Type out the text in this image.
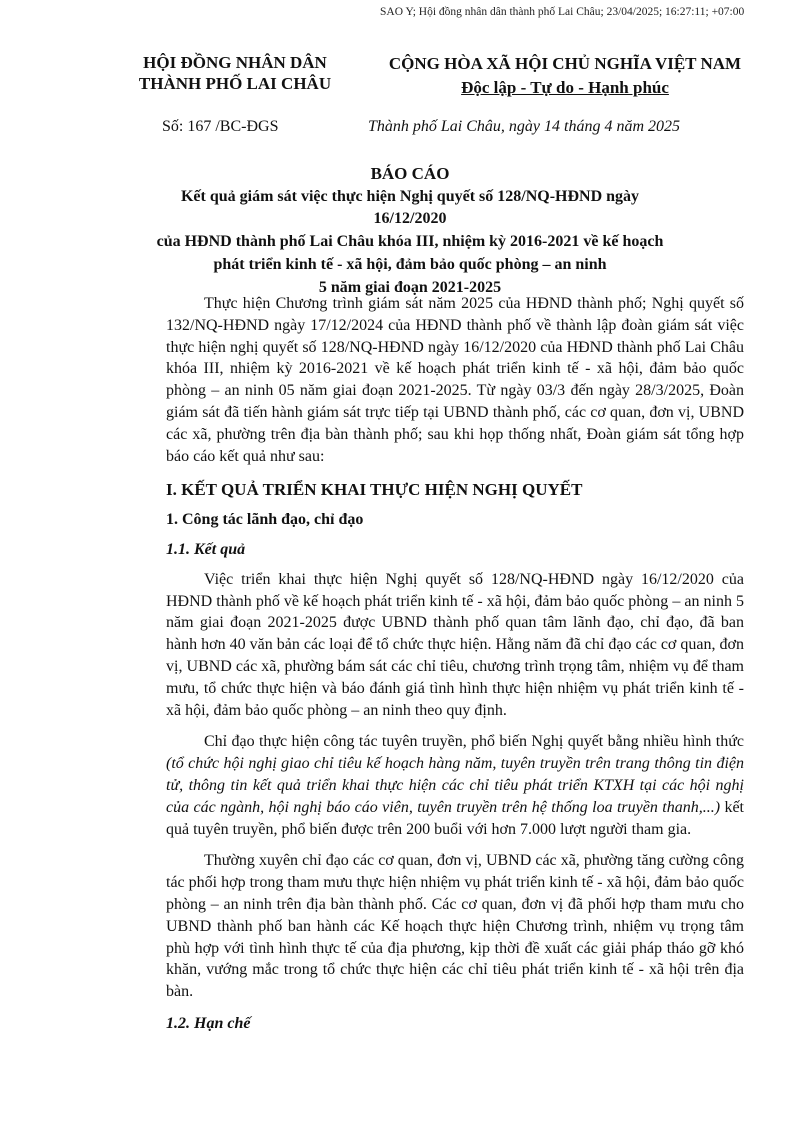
SAO Y; Hội đồng nhân dân thành phố Lai Châu; 23/04/2025; 16:27:11; +07:00
HỘI ĐỒNG NHÂN DÂN
THÀNH PHỐ LAI CHÂU
CỘNG HÒA XÃ HỘI CHỦ NGHĨA VIỆT NAM
Độc lập - Tự do - Hạnh phúc
Số: 167 /BC-ĐGS	Thành phố Lai Châu, ngày 14 tháng 4 năm 2025
BÁO CÁO
Kết quả giám sát việc thực hiện Nghị quyết số 128/NQ-HĐND ngày 16/12/2020
của HĐND thành phố Lai Châu khóa III, nhiệm kỳ 2016-2021 về kế hoạch
phát triển kinh tế - xã hội, đảm bảo quốc phòng – an ninh
5 năm giai đoạn 2021-2025

Thực hiện Chương trình giám sát năm 2025 của HĐND thành phố; Nghị quyết số 132/NQ-HĐND ngày 17/12/2024 của HĐND thành phố về thành lập đoàn giám sát việc thực hiện nghị quyết số 128/NQ-HĐND ngày 16/12/2020 của HĐND thành phố Lai Châu khóa III, nhiệm kỳ 2016-2021 về kế hoạch phát triển kinh tế - xã hội, đảm bảo quốc phòng – an ninh 05 năm giai đoạn 2021-2025. Từ ngày 03/3 đến ngày 28/3/2025, Đoàn giám sát đã tiến hành giám sát trực tiếp tại UBND thành phố, các cơ quan, đơn vị, UBND các xã, phường trên địa bàn thành phố; sau khi họp thống nhất, Đoàn giám sát tổng hợp báo cáo kết quả như sau:

I. KẾT QUẢ TRIỂN KHAI THỰC HIỆN NGHỊ QUYẾT
1. Công tác lãnh đạo, chỉ đạo
1.1. Kết quả

Việc triển khai thực hiện Nghị quyết số 128/NQ-HĐND ngày 16/12/2020 của HĐND thành phố về kế hoạch phát triển kinh tế - xã hội, đảm bảo quốc phòng – an ninh 5 năm giai đoạn 2021-2025 được UBND thành phố quan tâm lãnh đạo, chỉ đạo, đã ban hành hơn 40 văn bản các loại để tổ chức thực hiện. Hằng năm đã chỉ đạo các cơ quan, đơn vị, UBND các xã, phường bám sát các chỉ tiêu, chương trình trọng tâm, nhiệm vụ để tham mưu, tổ chức thực hiện và báo đánh giá tình hình thực hiện nhiệm vụ phát triển kinh tế - xã hội, đảm bảo quốc phòng – an ninh theo quy định.

Chỉ đạo thực hiện công tác tuyên truyền, phổ biến Nghị quyết bằng nhiều hình thức (tổ chức hội nghị giao chỉ tiêu kế hoạch hàng năm, tuyên truyền trên trang thông tin điện tử, thông tin kết quả triển khai thực hiện các chỉ tiêu phát triển KTXH tại các hội nghị của các ngành, hội nghị báo cáo viên, tuyên truyền trên hệ thống loa truyền thanh,...) kết quả tuyên truyền, phổ biến được trên 200 buổi với hơn 7.000 lượt người tham gia.

Thường xuyên chỉ đạo các cơ quan, đơn vị, UBND các xã, phường tăng cường công tác phối hợp trong tham mưu thực hiện nhiệm vụ phát triển kinh tế - xã hội, đảm bảo quốc phòng – an ninh trên địa bàn thành phố. Các cơ quan, đơn vị đã phối hợp tham mưu cho UBND thành phố ban hành các Kế hoạch thực hiện Chương trình, nhiệm vụ trọng tâm phù hợp với tình hình thực tế của địa phương, kịp thời đề xuất các giải pháp tháo gỡ khó khăn, vướng mắc trong tổ chức thực hiện các chỉ tiêu phát triển kinh tế - xã hội trên địa bàn.

1.2. Hạn chế
